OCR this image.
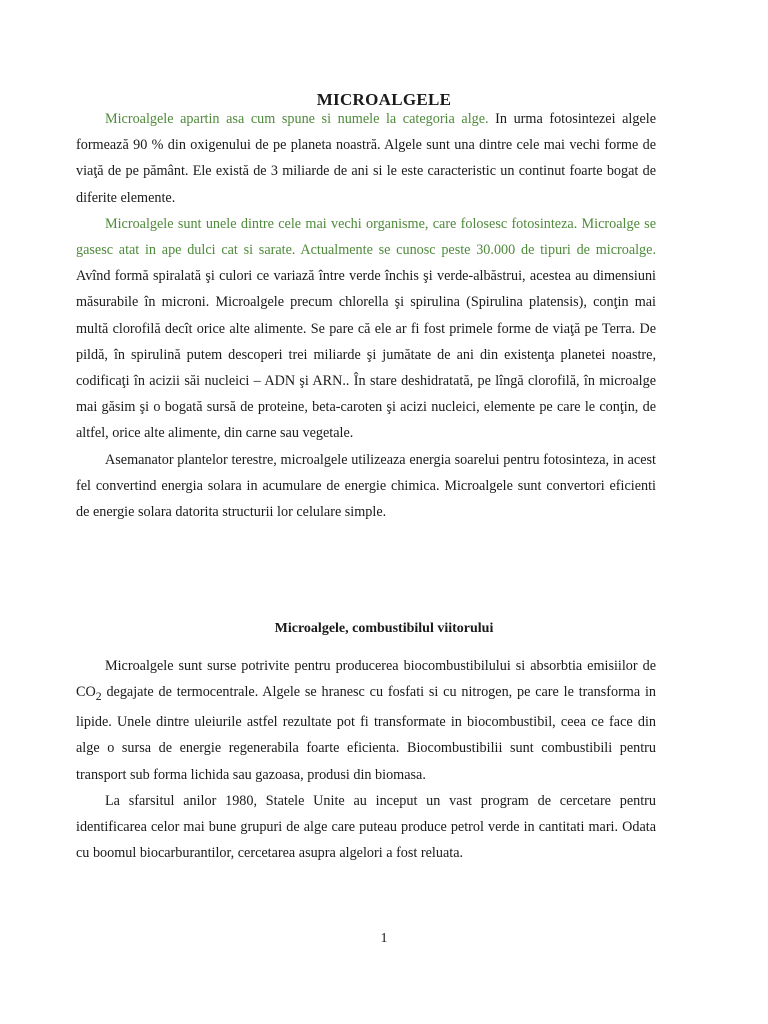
MICROALGELE

Microalgele apartin asa cum spune si numele la categoria alge. In urma fotosintezei algele formează 90 % din oxigenului de pe planeta noastră. Algele sunt una dintre cele mai vechi forme de viaţă de pe pământ. Ele există de 3 miliarde de ani si le este caracteristic un continut foarte bogat de diferite elemente.

Microalgele sunt unele dintre cele mai vechi organisme, care folosesc fotosinteza. Microalge se gasesc atat in ape dulci cat si sarate. Actualmente se cunosc peste 30.000 de tipuri de microalge. Avînd formă spiralată şi culori ce variază între verde închis şi verde-albăstrui, acestea au dimensiuni măsurabile în microni. Microalgele precum chlorella şi spirulina (Spirulina platensis), conţin mai multă clorofilă decît orice alte alimente. Se pare că ele ar fi fost primele forme de viaţă pe Terra. De pildă, în spirulină putem descoperi trei miliarde şi jumătate de ani din existenţa planetei noastre, codificaţi în acizii săi nucleici – ADN şi ARN.. În stare deshidratată, pe lîngă clorofilă, în microalge mai găsim şi o bogată sursă de proteine, beta-caroten şi acizi nucleici, elemente pe care le conţin, de altfel, orice alte alimente, din carne sau vegetale.

Asemanator plantelor terestre, microalgele utilizeaza energia soarelui pentru fotosinteza, in acest fel convertind energia solara in acumulare de energie chimica. Microalgele sunt convertori eficienti de energie solara datorita structurii lor celulare simple.

Microalgele, combustibilul viitorului

Microalgele sunt surse potrivite pentru producerea biocombustibilului si absorbtia emisiilor de $CO_2$ degajate de termocentrale. Algele se hranesc cu fosfati si cu nitrogen, pe care le transforma in lipide. Unele dintre uleiurile astfel rezultate pot fi transformate in biocombustibil, ceea ce face din alge o sursa de energie regenerabila foarte eficienta. Biocombustibilii sunt combustibili pentru transport sub forma lichida sau gazoasa, produsi din biomasa.

La sfarsitul anilor 1980, Statele Unite au inceput un vast program de cercetare pentru identificarea celor mai bune grupuri de alge care puteau produce petrol verde in cantitati mari. Odata cu boomul biocarburantilor, cercetarea asupra algelori a fost reluata.

1
